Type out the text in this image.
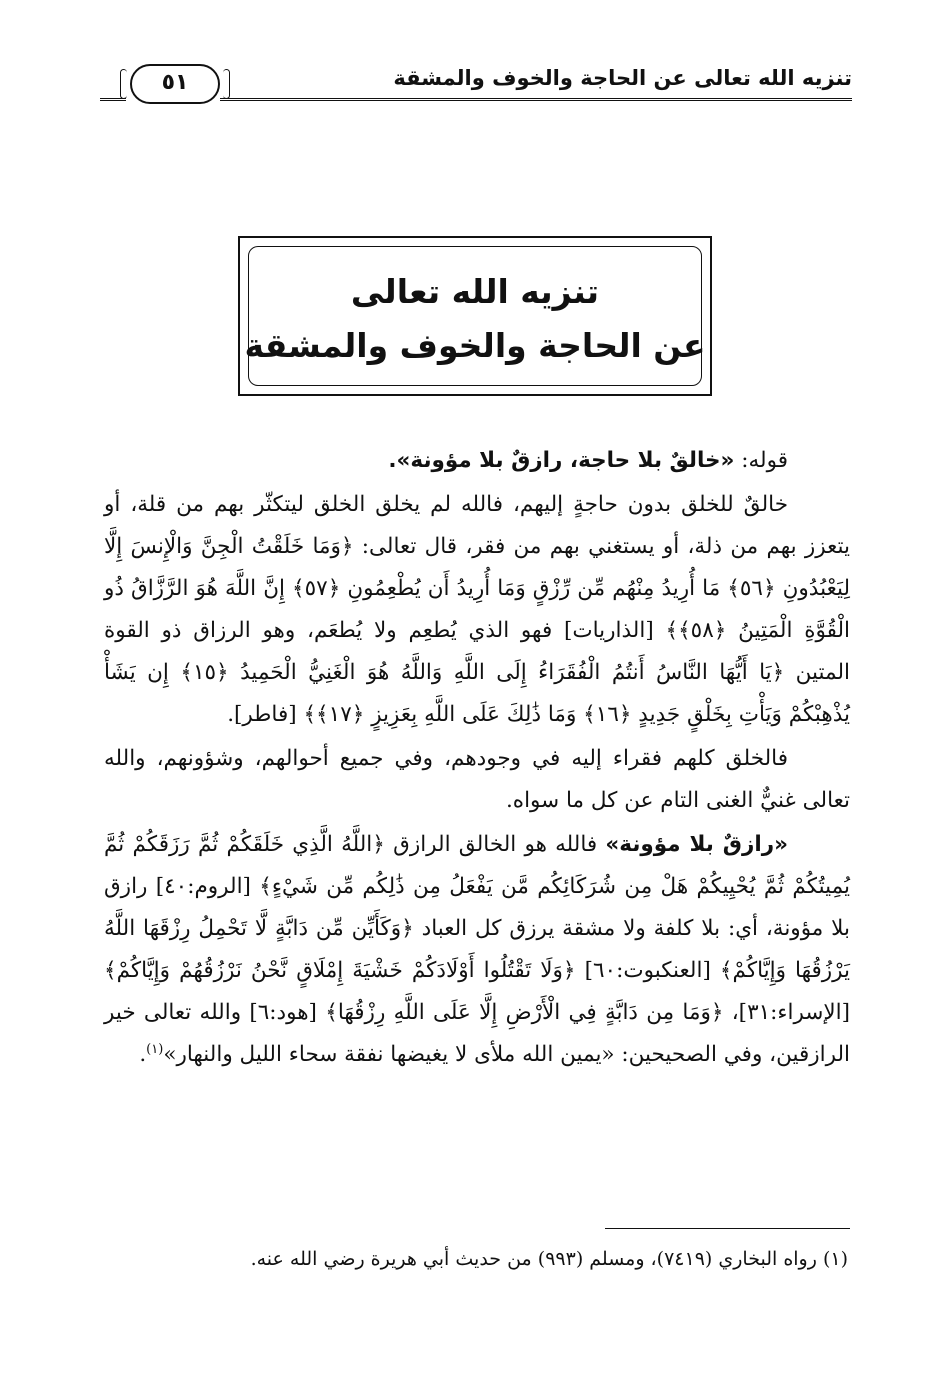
تنزيه الله تعالى عن الحاجة والخوف والمشقة
٥١
تنزيه الله تعالى
عن الحاجة والخوف والمشقة

قوله: «خالقٌ بلا حاجة، رازقٌ بلا مؤونة».

خالقٌ للخلق بدون حاجةٍ إليهم، فالله لم يخلق الخلق ليتكثّر بهم من قلة، أو يتعزز بهم من ذلة، أو يستغني بهم من فقر، قال تعالى: ﴿وَمَا خَلَقْتُ الْجِنَّ وَالْإِنسَ إِلَّا لِيَعْبُدُونِ ﴿٥٦﴾ مَا أُرِيدُ مِنْهُم مِّن رِّزْقٍ وَمَا أُرِيدُ أَن يُطْعِمُونِ ﴿٥٧﴾ إِنَّ اللَّهَ هُوَ الرَّزَّاقُ ذُو الْقُوَّةِ الْمَتِينُ ﴿٥٨﴾﴾ [الذاريات] فهو الذي يُطعِم ولا يُطعَم، وهو الرزاق ذو القوة المتين ﴿يَا أَيُّهَا النَّاسُ أَنتُمُ الْفُقَرَاءُ إِلَى اللَّهِ وَاللَّهُ هُوَ الْغَنِيُّ الْحَمِيدُ ﴿١٥﴾ إِن يَشَأْ يُذْهِبْكُمْ وَيَأْتِ بِخَلْقٍ جَدِيدٍ ﴿١٦﴾ وَمَا ذَٰلِكَ عَلَى اللَّهِ بِعَزِيزٍ ﴿١٧﴾﴾ [فاطر].

فالخلق كلهم فقراء إليه في وجودهم، وفي جميع أحوالهم، وشؤونهم، والله تعالى غنيٌّ الغنى التام عن كل ما سواه.

«رازقٌ بلا مؤونة» فالله هو الخالق الرازق ﴿اللَّهُ الَّذِي خَلَقَكُمْ ثُمَّ رَزَقَكُمْ ثُمَّ يُمِيتُكُمْ ثُمَّ يُحْيِيكُمْ هَلْ مِن شُرَكَائِكُم مَّن يَفْعَلُ مِن ذَٰلِكُم مِّن شَيْءٍ﴾ [الروم:٤٠] رازق بلا مؤونة، أي: بلا كلفة ولا مشقة يرزق كل العباد ﴿وَكَأَيِّن مِّن دَابَّةٍ لَّا تَحْمِلُ رِزْقَهَا اللَّهُ يَرْزُقُهَا وَإِيَّاكُمْ﴾ [العنكبوت:٦٠] ﴿وَلَا تَقْتُلُوا أَوْلَادَكُمْ خَشْيَةَ إِمْلَاقٍ نَّحْنُ نَرْزُقُهُمْ وَإِيَّاكُمْ﴾ [الإسراء:٣١]، ﴿وَمَا مِن دَابَّةٍ فِي الْأَرْضِ إِلَّا عَلَى اللَّهِ رِزْقُهَا﴾ [هود:٦] والله تعالى خير الرازقين، وفي الصحيحين: «يمين الله ملأى لا يغيضها نفقة سحاء الليل والنهار»$^{(١)}$.

(١) رواه البخاري (٧٤١٩)، ومسلم (٩٩٣) من حديث أبي هريرة رضي الله عنه.
